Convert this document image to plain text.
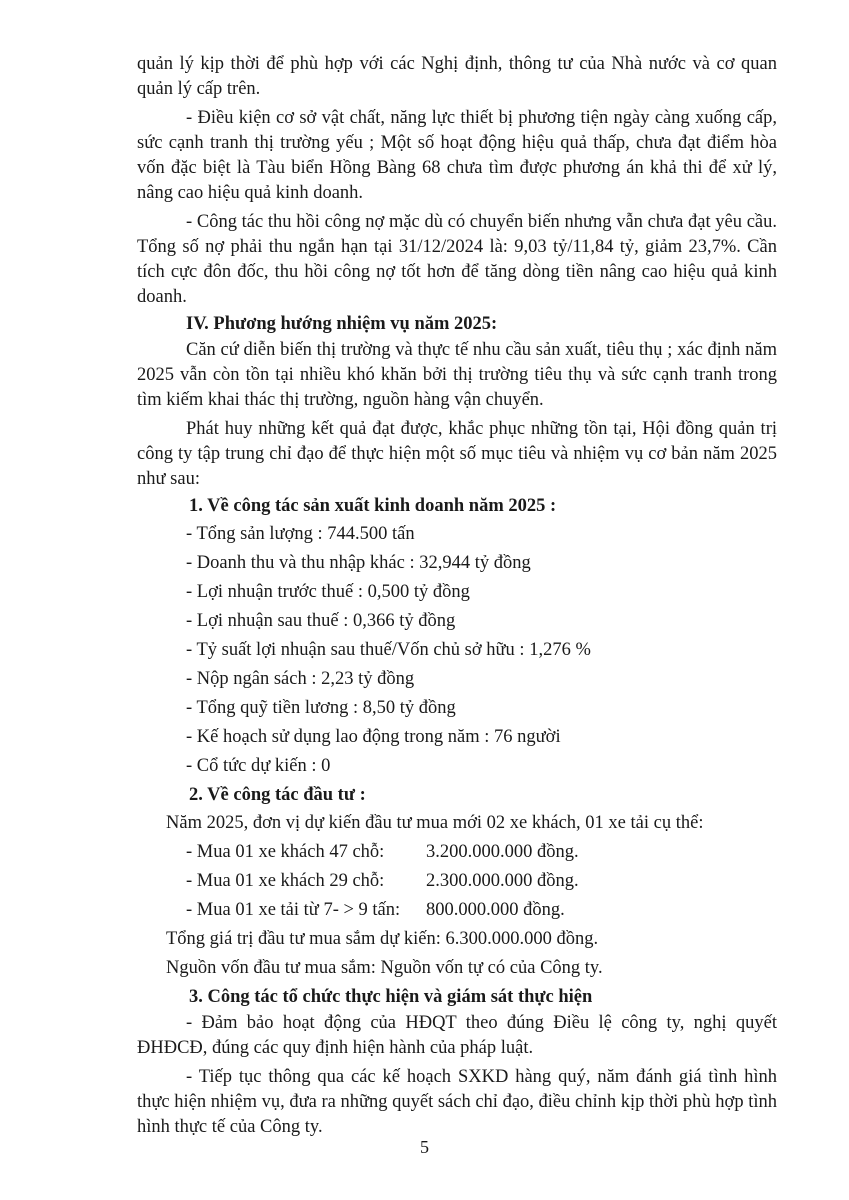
quản lý kịp thời để phù hợp với các Nghị định, thông tư của Nhà nước và cơ quan quản lý cấp trên.

- Điều kiện cơ sở vật chất, năng lực thiết bị phương tiện ngày càng xuống cấp, sức cạnh tranh thị trường yếu ; Một số hoạt động hiệu quả thấp, chưa đạt điểm hòa vốn đặc biệt là Tàu biển Hồng Bàng 68 chưa tìm được phương án khả thi để xử lý, nâng cao hiệu quả kinh doanh.

- Công tác thu hồi công nợ mặc dù có chuyển biến nhưng vẫn chưa đạt yêu cầu. Tổng số nợ phải thu ngắn hạn tại 31/12/2024 là: 9,03 tỷ/11,84 tỷ, giảm 23,7%. Cần tích cực đôn đốc, thu hồi công nợ tốt hơn để tăng dòng tiền nâng cao hiệu quả kinh doanh.

IV. Phương hướng nhiệm vụ năm 2025:

Căn cứ diễn biến thị trường và thực tế nhu cầu sản xuất, tiêu thụ ; xác định năm 2025 vẫn còn tồn tại nhiều khó khăn bởi thị trường tiêu thụ và sức cạnh tranh trong tìm kiếm khai thác thị trường, nguồn hàng vận chuyển.

Phát huy những kết quả đạt được, khắc phục những tồn tại, Hội đồng quản trị công ty tập trung chỉ đạo để thực hiện một số mục tiêu và nhiệm vụ cơ bản năm 2025 như sau:

1. Về công tác sản xuất kinh doanh năm 2025 :

- Tổng sản lượng : 744.500 tấn

- Doanh thu và thu nhập khác : 32,944 tỷ đồng

- Lợi nhuận trước thuế : 0,500 tỷ đồng

- Lợi nhuận sau thuế : 0,366 tỷ đồng

- Tỷ suất lợi nhuận sau thuế/Vốn chủ sở hữu : 1,276 %

- Nộp ngân sách : 2,23 tỷ đồng

- Tổng quỹ tiền lương : 8,50 tỷ đồng

- Kế hoạch sử dụng lao động trong năm : 76 người

- Cổ tức dự kiến : 0

2. Về công tác đầu tư :

Năm 2025, đơn vị dự kiến đầu tư mua mới 02 xe khách, 01 xe tải cụ thể:

- Mua 01 xe khách 47 chỗ:	3.200.000.000 đồng.
- Mua 01 xe khách 29 chỗ:	2.300.000.000 đồng.
- Mua 01 xe tải từ 7- > 9 tấn:	800.000.000 đồng.

Tổng giá trị đầu tư mua sắm dự kiến: 6.300.000.000 đồng.

Nguồn vốn đầu tư mua sắm: Nguồn vốn tự có của Công ty.

3. Công tác tổ chức thực hiện và giám sát thực hiện

- Đảm bảo hoạt động của HĐQT theo đúng Điều lệ công ty, nghị quyết ĐHĐCĐ, đúng các quy định hiện hành của pháp luật.

- Tiếp tục thông qua các kế hoạch SXKD hàng quý, năm đánh giá tình hình thực hiện nhiệm vụ, đưa ra những quyết sách chỉ đạo, điều chỉnh kịp thời phù hợp tình hình thực tế của Công ty.

5
